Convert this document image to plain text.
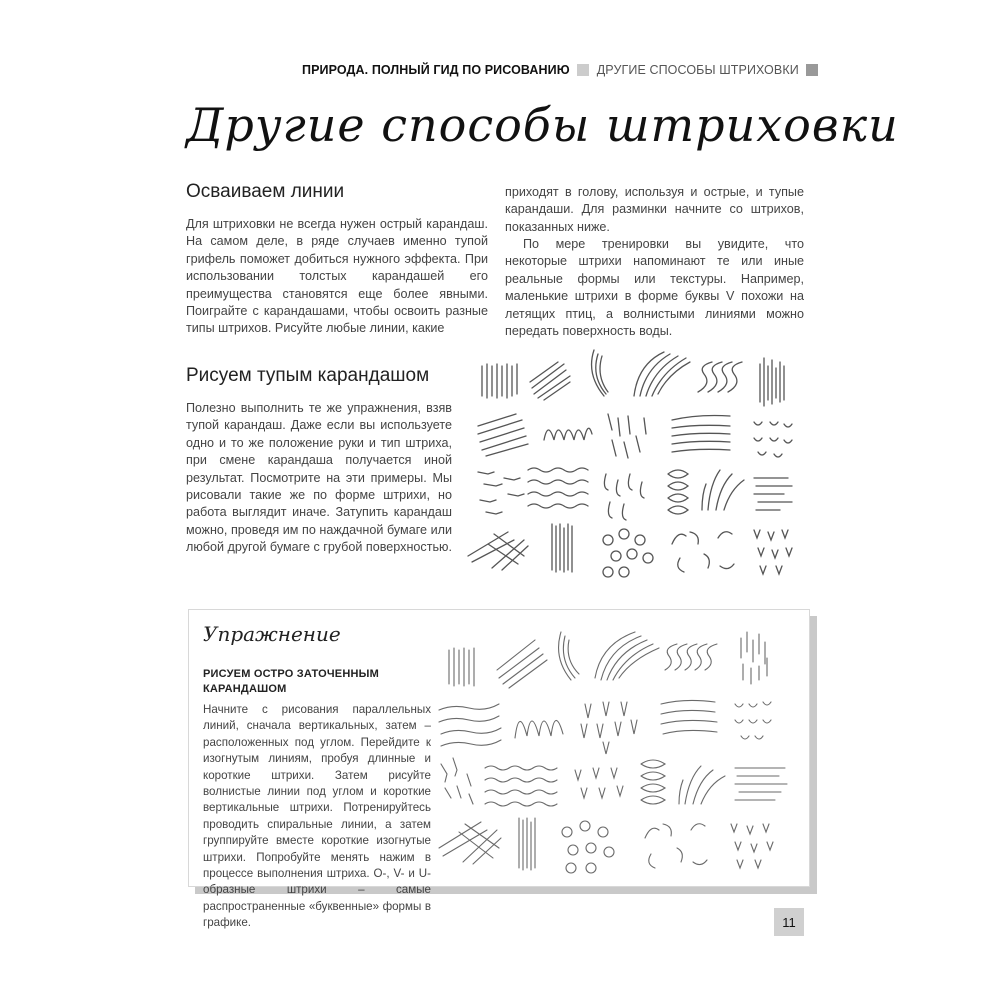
ПРИРОДА. ПОЛНЫЙ ГИД ПО РИСОВАНИЮ ДРУГИЕ СПОСОБЫ ШТРИХОВКИ
Другие способы штриховки
Осваиваем линии

Для штриховки не всегда нужен острый карандаш. На самом деле, в ряде случаев именно тупой грифель поможет добиться нужного эффекта. При использовании толстых карандашей его преимущества становятся еще более явными. Поиграйте с карандашами, чтобы освоить разные типы штрихов. Рисуйте любые линии, какие

приходят в голову, используя и острые, и тупые карандаши. Для разминки начните со штрихов, показанных ниже.

По мере тренировки вы увидите, что некоторые штрихи напоминают те или иные реальные формы или текстуры. Например, маленькие штрихи в форме буквы V похожи на летящих птиц, а волнистыми линиями можно передать поверхность воды.

Рисуем тупым карандашом

Полезно выполнить те же упражнения, взяв тупой карандаш. Даже если вы используете одно и то же положение руки и тип штриха, при смене карандаша получается иной результат. Посмотрите на эти примеры. Мы рисовали такие же по форме штрихи, но работа выглядит иначе. Затупить карандаш можно, проведя им по наждачной бумаге или любой другой бумаге с грубой поверхностью.

Упражнение
РИСУЕМ ОСТРО ЗАТОЧЕННЫМ КАРАНДАШОМ
Начните с рисования параллельных линий, сначала вертикальных, затем – расположенных под углом. Перейдите к изогнутым линиям, пробуя длинные и короткие штрихи. Затем рисуйте волнистые линии под углом и короткие вертикальные штрихи. Потренируйтесь проводить спиральные линии, а затем группируйте вместе короткие изогнутые штрихи. Попробуйте менять нажим в процессе выполнения штриха. О-, V- и U-образные штрихи – самые распространенные «буквенные» формы в графике.	11
